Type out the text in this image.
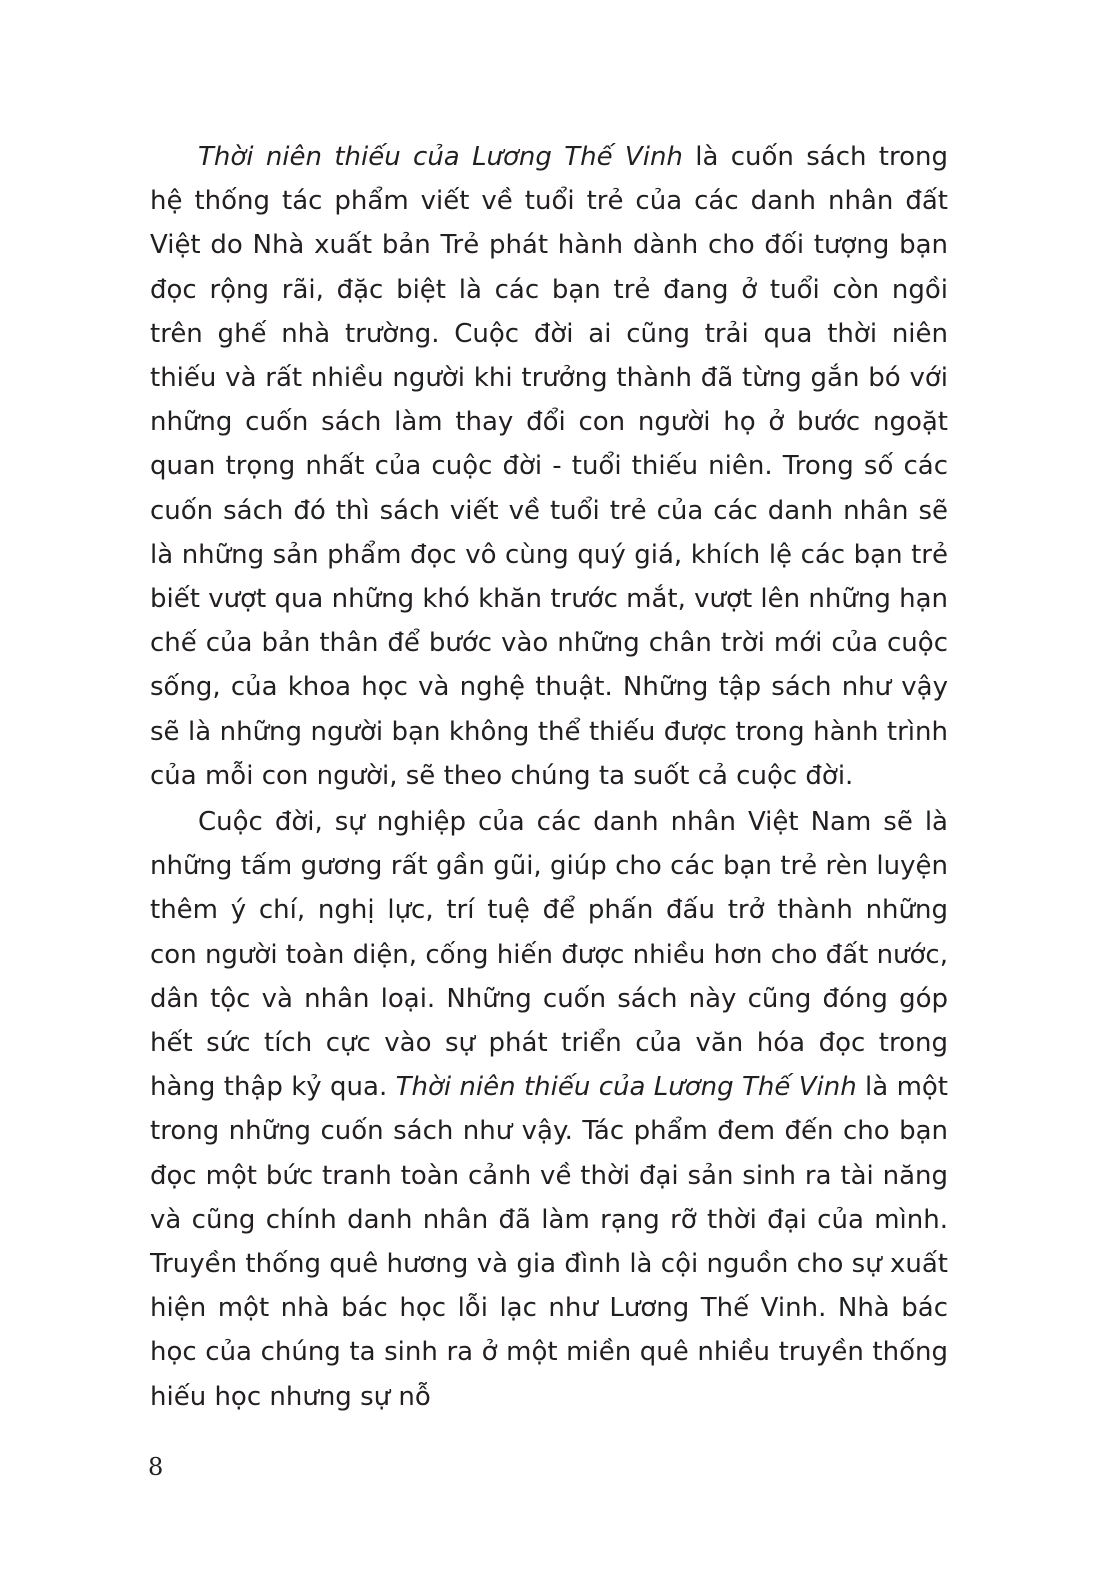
Thời niên thiếu của Lương Thế Vinh là cuốn sách trong hệ thống tác phẩm viết về tuổi trẻ của các danh nhân đất Việt do Nhà xuất bản Trẻ phát hành dành cho đối tượng bạn đọc rộng rãi, đặc biệt là các bạn trẻ đang ở tuổi còn ngồi trên ghế nhà trường. Cuộc đời ai cũng trải qua thời niên thiếu và rất nhiều người khi trưởng thành đã từng gắn bó với những cuốn sách làm thay đổi con người họ ở bước ngoặt quan trọng nhất của cuộc đời - tuổi thiếu niên. Trong số các cuốn sách đó thì sách viết về tuổi trẻ của các danh nhân sẽ là những sản phẩm đọc vô cùng quý giá, khích lệ các bạn trẻ biết vượt qua những khó khăn trước mắt, vượt lên những hạn chế của bản thân để bước vào những chân trời mới của cuộc sống, của khoa học và nghệ thuật. Những tập sách như vậy sẽ là những người bạn không thể thiếu được trong hành trình của mỗi con người, sẽ theo chúng ta suốt cả cuộc đời.

Cuộc đời, sự nghiệp của các danh nhân Việt Nam sẽ là những tấm gương rất gần gũi, giúp cho các bạn trẻ rèn luyện thêm ý chí, nghị lực, trí tuệ để phấn đấu trở thành những con người toàn diện, cống hiến được nhiều hơn cho đất nước, dân tộc và nhân loại. Những cuốn sách này cũng đóng góp hết sức tích cực vào sự phát triển của văn hóa đọc trong hàng thập kỷ qua. Thời niên thiếu của Lương Thế Vinh là một trong những cuốn sách như vậy. Tác phẩm đem đến cho bạn đọc một bức tranh toàn cảnh về thời đại sản sinh ra tài năng và cũng chính danh nhân đã làm rạng rỡ thời đại của mình. Truyền thống quê hương và gia đình là cội nguồn cho sự xuất hiện một nhà bác học lỗi lạc như Lương Thế Vinh. Nhà bác học của chúng ta sinh ra ở một miền quê nhiều truyền thống hiếu học nhưng sự nỗ

8
